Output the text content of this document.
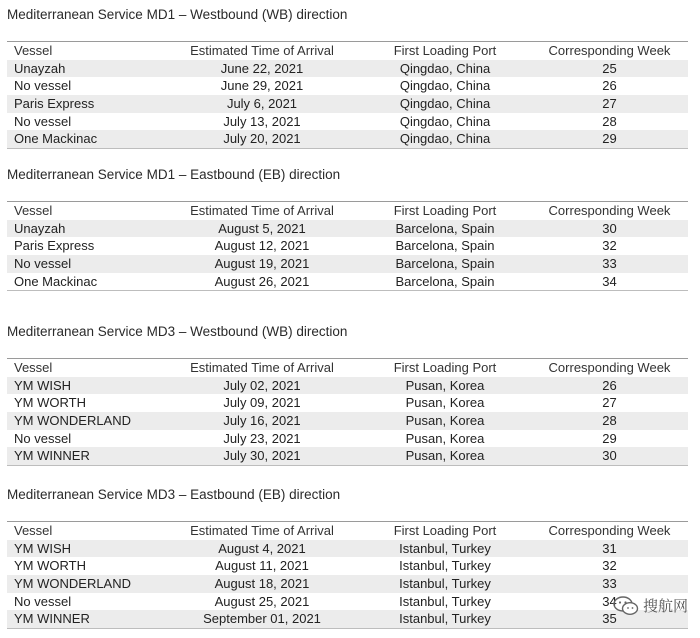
Mediterranean Service MD1 – Westbound (WB) direction
Vessel	Estimated Time of Arrival	First Loading Port	Corresponding Week
Unayzah	June 22, 2021	Qingdao, China	25
No vessel	June 29, 2021	Qingdao, China	26
Paris Express	July 6, 2021	Qingdao, China	27
No vessel	July 13, 2021	Qingdao, China	28
One Mackinac	July 20, 2021	Qingdao, China	29
Mediterranean Service MD1 – Eastbound (EB) direction
Vessel	Estimated Time of Arrival	First Loading Port	Corresponding Week
Unayzah	August 5, 2021	Barcelona, Spain	30
Paris Express	August 12, 2021	Barcelona, Spain	32
No vessel	August 19, 2021	Barcelona, Spain	33
One Mackinac	August 26, 2021	Barcelona, Spain	34
Mediterranean Service MD3 – Westbound (WB) direction
Vessel	Estimated Time of Arrival	First Loading Port	Corresponding Week
YM WISH	July 02, 2021	Pusan, Korea	26
YM WORTH	July 09, 2021	Pusan, Korea	27
YM WONDERLAND	July 16, 2021	Pusan, Korea	28
No vessel	July 23, 2021	Pusan, Korea	29
YM WINNER	July 30, 2021	Pusan, Korea	30
Mediterranean Service MD3 – Eastbound (EB) direction
Vessel	Estimated Time of Arrival	First Loading Port	Corresponding Week
YM WISH	August 4, 2021	Istanbul, Turkey	31
YM WORTH	August 11, 2021	Istanbul, Turkey	32
YM WONDERLAND	August 18, 2021	Istanbul, Turkey	33
No vessel	August 25, 2021	Istanbul, Turkey	34
YM WINNER	September 01, 2021	Istanbul, Turkey	35
搜航网
